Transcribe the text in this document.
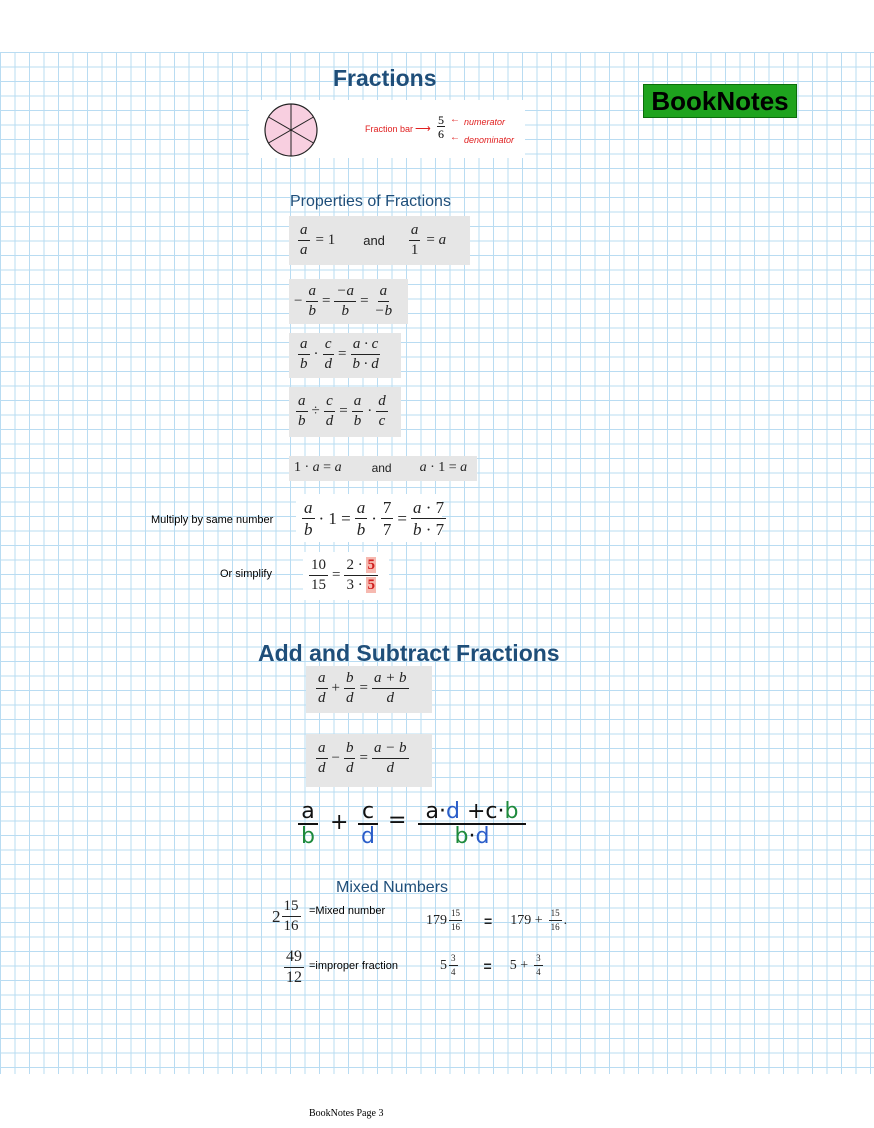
Fractions
BookNotes
Fraction bar ⟶ $\frac{5}{6}$ ← numerator
← denominator
Properties of Fractions
$\frac{a}{a} = 1$ and $\frac{a}{1} = a$
− $\frac{a}{b} = \frac{-a}{b} = \frac{a}{-b}$
$\frac{a}{b} \cdot \frac{c}{d} = \frac{a \cdot c}{b \cdot d}$
$\frac{a}{b} \div \frac{c}{d} = \frac{a}{b} \cdot \frac{d}{c}$
1 · a = a	and a · 1 = a
Multiply by same number $\frac{a}{b} \cdot 1 = \frac{a}{b} \cdot \frac{7}{7} = \frac{a \cdot 7}{b \cdot 7}$
Or simplify $\frac{10}{15} = \frac{2 \cdot 5}{3 \cdot 5}$
Add and Subtract Fractions
$\frac{a}{d} + \frac{b}{d} = \frac{a + b}{d}$
$\frac{a}{d} - \frac{b}{d} = \frac{a - b}{d}$
a
b
+ c
d
= a·d +c·b
b·d
Mixed Numbers
$2 \frac{15}{16}$ =Mixed number
$179 \frac{15}{16} = 179 + \frac{15}{16}$ .
$\frac{49}{12}$ =improper fraction	$5 \frac{3}{4} = 5 + \frac{3}{4}$
BookNotes Page 3
